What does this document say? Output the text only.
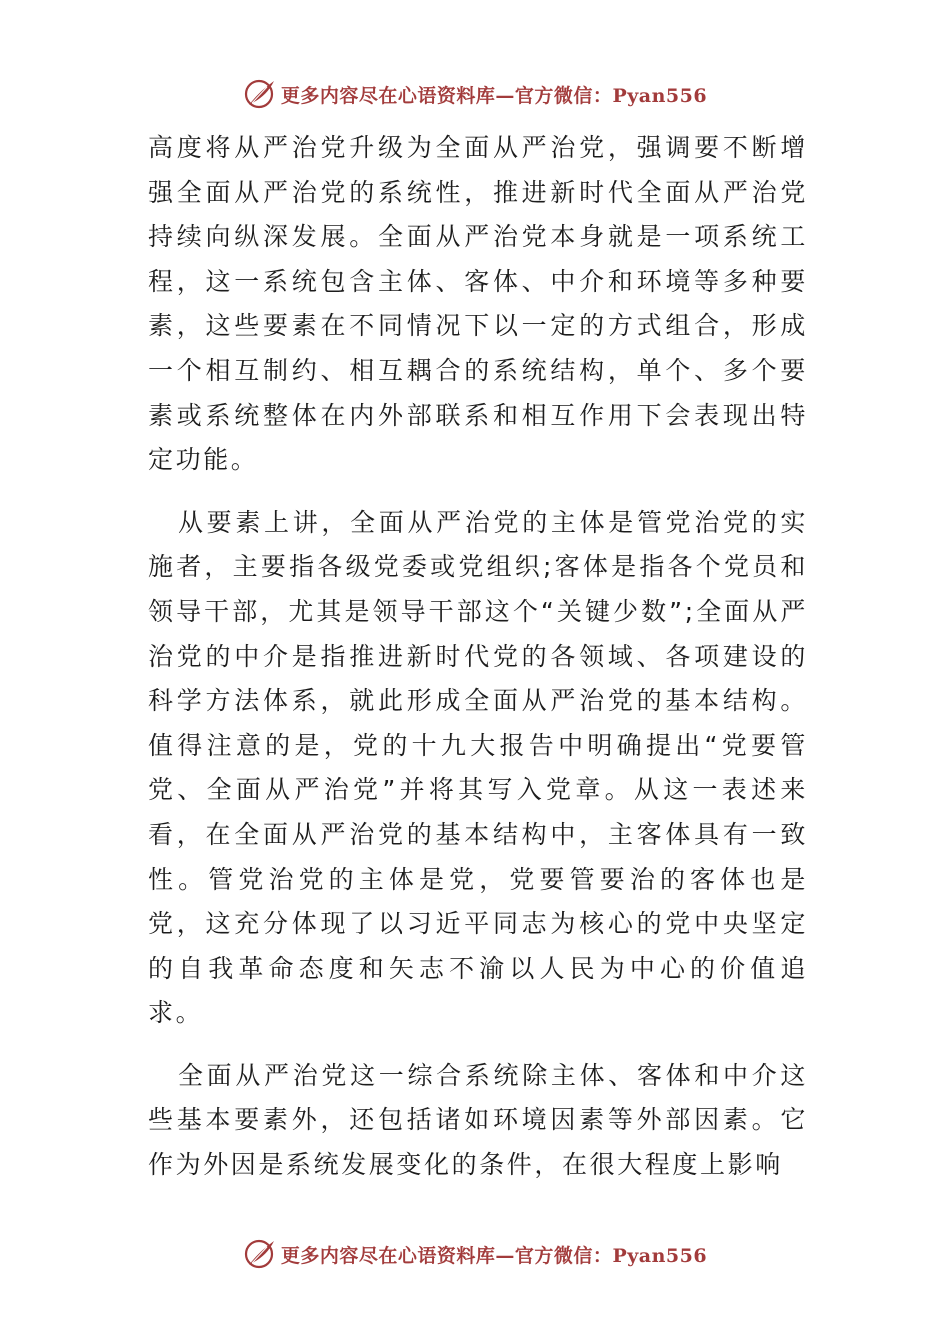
更多内容尽在心语资料库—官方微信：Pyan556

高度将从严治党升级为全面从严治党，强调要不断增强全面从严治党的系统性，推进新时代全面从严治党持续向纵深发展。全面从严治党本身就是一项系统工程，这一系统包含主体、客体、中介和环境等多种要素，这些要素在不同情况下以一定的方式组合，形成一个相互制约、相互耦合的系统结构，单个、多个要素或系统整体在内外部联系和相互作用下会表现出特定功能。

从要素上讲，全面从严治党的主体是管党治党的实施者，主要指各级党委或党组织;客体是指各个党员和领导干部，尤其是领导干部这个“关键少数”;全面从严治党的中介是指推进新时代党的各领域、各项建设的科学方法体系，就此形成全面从严治党的基本结构。值得注意的是，党的十九大报告中明确提出“党要管党、全面从严治党”并将其写入党章。从这一表述来看，在全面从严治党的基本结构中，主客体具有一致性。管党治党的主体是党，党要管要治的客体也是党，这充分体现了以习近平同志为核心的党中央坚定的自我革命态度和矢志不渝以人民为中心的价值追求。

全面从严治党这一综合系统除主体、客体和中介这些基本要素外，还包括诸如环境因素等外部因素。它作为外因是系统发展变化的条件，在很大程度上影响

更多内容尽在心语资料库—官方微信：Pyan556
